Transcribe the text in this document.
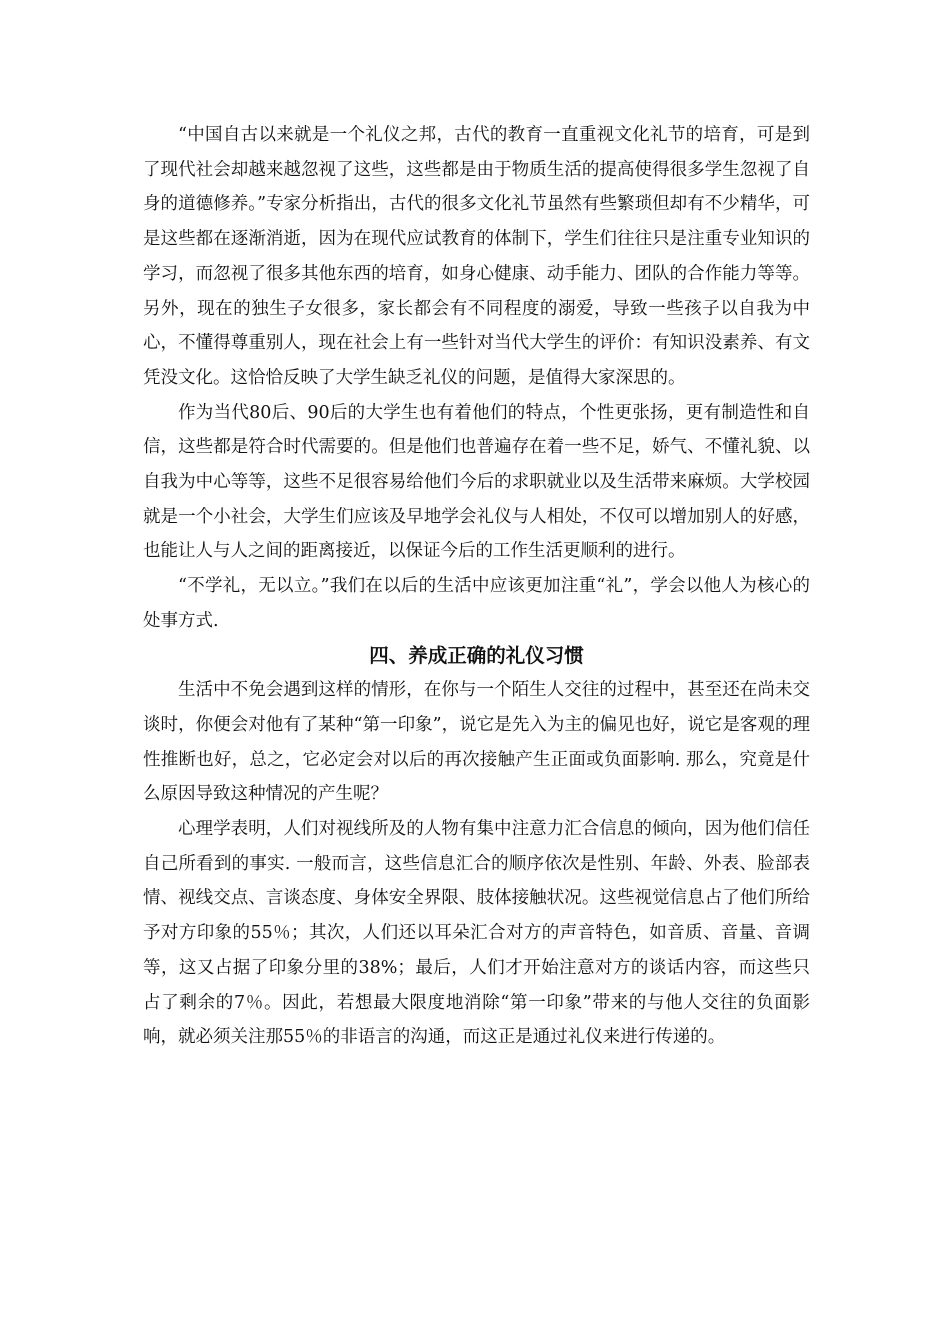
“中国自古以来就是一个礼仪之邦，古代的教育一直重视文化礼节的培育，可是到了现代社会却越来越忽视了这些，这些都是由于物质生活的提高使得很多学生忽视了自身的道德修养。”专家分析指出，古代的很多文化礼节虽然有些繁琐但却有不少精华，可是这些都在逐渐消逝，因为在现代应试教育的体制下，学生们往往只是注重专业知识的学习，而忽视了很多其他东西的培育，如身心健康、动手能力、团队的合作能力等等。另外，现在的独生子女很多，家长都会有不同程度的溺爱，导致一些孩子以自我为中心，不懂得尊重别人，现在社会上有一些针对当代大学生的评价：有知识没素养、有文凭没文化。这恰恰反映了大学生缺乏礼仪的问题，是值得大家深思的。

作为当代80后、90后的大学生也有着他们的特点，个性更张扬，更有制造性和自信，这些都是符合时代需要的。但是他们也普遍存在着一些不足，娇气、不懂礼貌、以自我为中心等等，这些不足很容易给他们今后的求职就业以及生活带来麻烦。大学校园就是一个小社会，大学生们应该及早地学会礼仪与人相处，不仅可以增加别人的好感，也能让人与人之间的距离接近，以保证今后的工作生活更顺利的进行。

“不学礼，无以立。”我们在以后的生活中应该更加注重“礼”，学会以他人为核心的处事方式.

四、养成正确的礼仪习惯

生活中不免会遇到这样的情形，在你与一个陌生人交往的过程中，甚至还在尚未交谈时，你便会对他有了某种“第一印象”，说它是先入为主的偏见也好，说它是客观的理性推断也好，总之，它必定会对以后的再次接触产生正面或负面影响. 那么，究竟是什么原因导致这种情况的产生呢？

心理学表明，人们对视线所及的人物有集中注意力汇合信息的倾向，因为他们信任自己所看到的事实. 一般而言，这些信息汇合的顺序依次是性别、年龄、外表、脸部表情、视线交点、言谈态度、身体安全界限、肢体接触状况。这些视觉信息占了他们所给予对方印象的55％；其次，人们还以耳朵汇合对方的声音特色，如音质、音量、音调等，这又占据了印象分里的38%；最后，人们才开始注意对方的谈话内容，而这些只占了剩余的7％。因此，若想最大限度地消除“第一印象”带来的与他人交往的负面影响，就必须关注那55％的非语言的沟通，而这正是通过礼仪来进行传递的。
